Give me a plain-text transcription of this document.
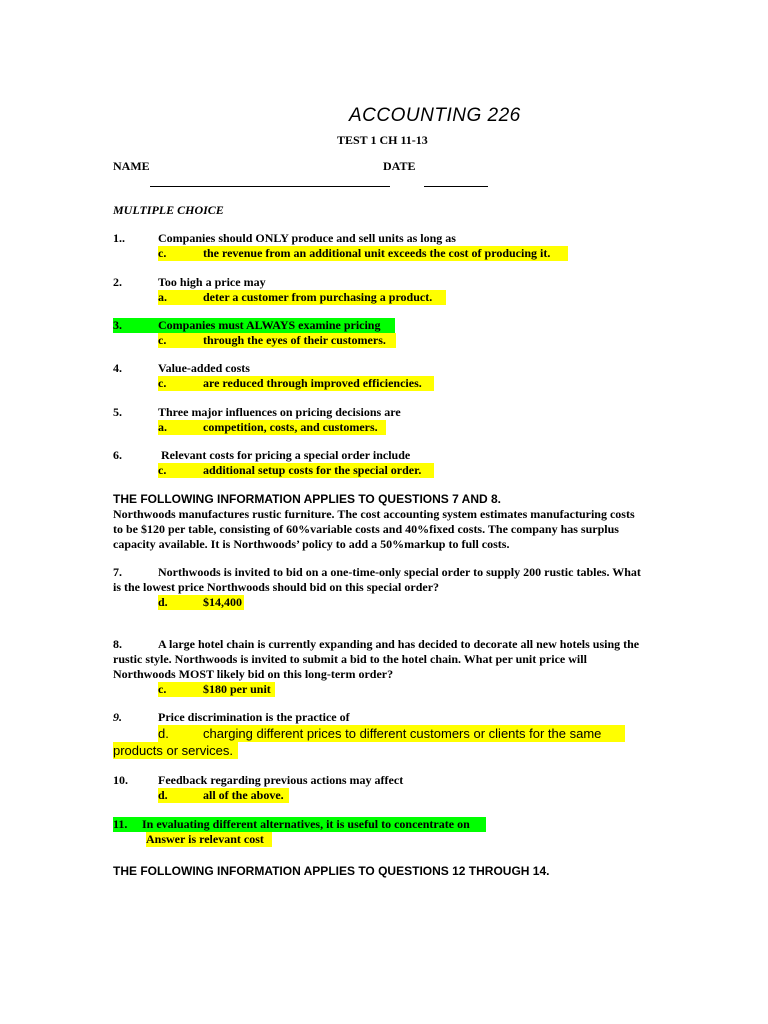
ACCOUNTING 226
TEST 1 CH 11-13
NAME	DATE
MULTIPLE CHOICE
1..	Companies should ONLY produce and sell units as long as
c.	the revenue from an additional unit exceeds the cost of producing it.
2.	Too high a price may
a.	deter a customer from purchasing a product.
3.	Companies must ALWAYS examine pricing
c.	through the eyes of their customers.
4.	Value-added costs
c.	are reduced through improved efficiencies.
5.	Three major influences on pricing decisions are
a.	competition, costs, and customers.
6.	Relevant costs for pricing a special order include
c.	additional setup costs for the special order.
THE FOLLOWING INFORMATION APPLIES TO QUESTIONS 7 AND 8.
Northwoods manufactures rustic furniture. The cost accounting system estimates manufacturing costs to be $120 per table, consisting of 60%variable costs and 40%fixed costs. The company has surplus capacity available. It is Northwoods’ policy to add a 50%markup to full costs.
7.	Northwoods is invited to bid on a one-time-only special order to supply 200 rustic tables. What is the lowest price Northwoods should bid on this special order?
d.	$14,400
8.	A large hotel chain is currently expanding and has decided to decorate all new hotels using the rustic style. Northwoods is invited to submit a bid to the hotel chain. What per unit price will Northwoods MOST likely bid on this long-term order?
c.	$180 per unit
9.	Price discrimination is the practice of
d.	charging different prices to different customers or clients for the same
products or services.
10.	Feedback regarding previous actions may affect
d.	all of the above.
11. In evaluating different alternatives, it is useful to concentrate on
Answer is relevant cost
THE FOLLOWING INFORMATION APPLIES TO QUESTIONS 12 THROUGH 14.
